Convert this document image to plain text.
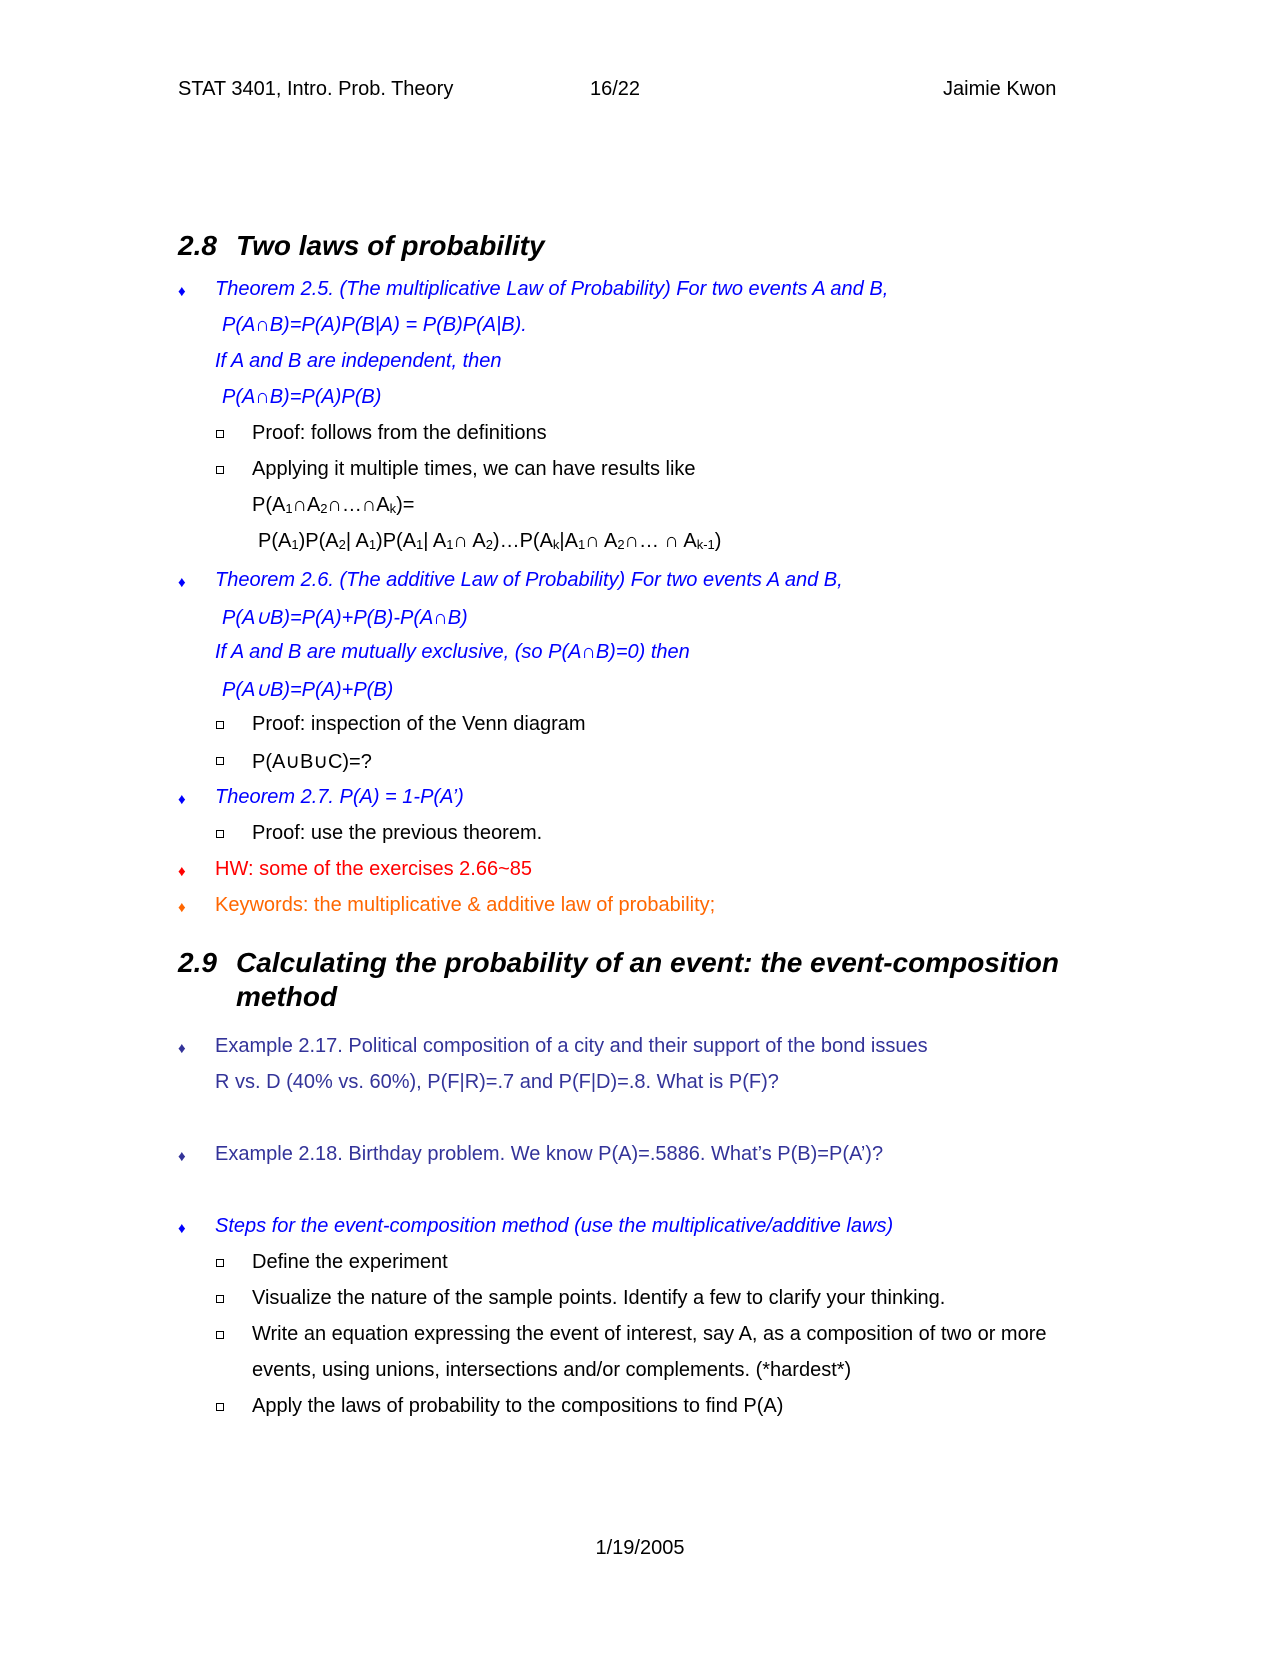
STAT 3401, Intro. Prob. Theory	16/22	Jaimie Kwon
2.8 Two laws of probability
♦ Theorem 2.5. (The multiplicative Law of Probability) For two events A and B,
P(A∩B)=P(A)P(B|A) = P(B)P(A|B).
If A and B are independent, then
P(A∩B)=P(A)P(B)
Proof: follows from the definitions
Applying it multiple times, we can have results like
$P(A_1\cap A_2\cap\dots\cap A_k)=$
$P(A_1)P(A_2|$ $A_1)P(A_1|$ $A_1\cap$ $A_2)\dots P(A_k|A_1\cap$ $A_2\cap\dots$ ∩ $A_{k-1}$)
♦ Theorem 2.6. (The additive Law of Probability) For two events A and B,
P(A∪B)=P(A)+P(B)-P(A∩B)
If A and B are mutually exclusive, (so P(A∩B)=0) then
P(A∪B)=P(A)+P(B)
Proof: inspection of the Venn diagram
P(A∪B∪C)=?
♦ Theorem 2.7. P(A) = 1-P(A’)
Proof: use the previous theorem.
♦ HW: some of the exercises 2.66~85
♦ Keywords: the multiplicative & additive law of probability;
2.9 Calculating the probability of an event: the event-composition
method
♦ Example 2.17. Political composition of a city and their support of the bond issues
R vs. D (40% vs. 60%), P(F|R)=.7 and P(F|D)=.8. What is P(F)?
♦ Example 2.18. Birthday problem. We know P(A)=.5886. What’s P(B)=P(A’)?
♦ Steps for the event-composition method (use the multiplicative/additive laws)
Define the experiment
Visualize the nature of the sample points. Identify a few to clarify your thinking.
Write an equation expressing the event of interest, say A, as a composition of two or more
events, using unions, intersections and/or complements. (*hardest*)
Apply the laws of probability to the compositions to find P(A)
1/19/2005
